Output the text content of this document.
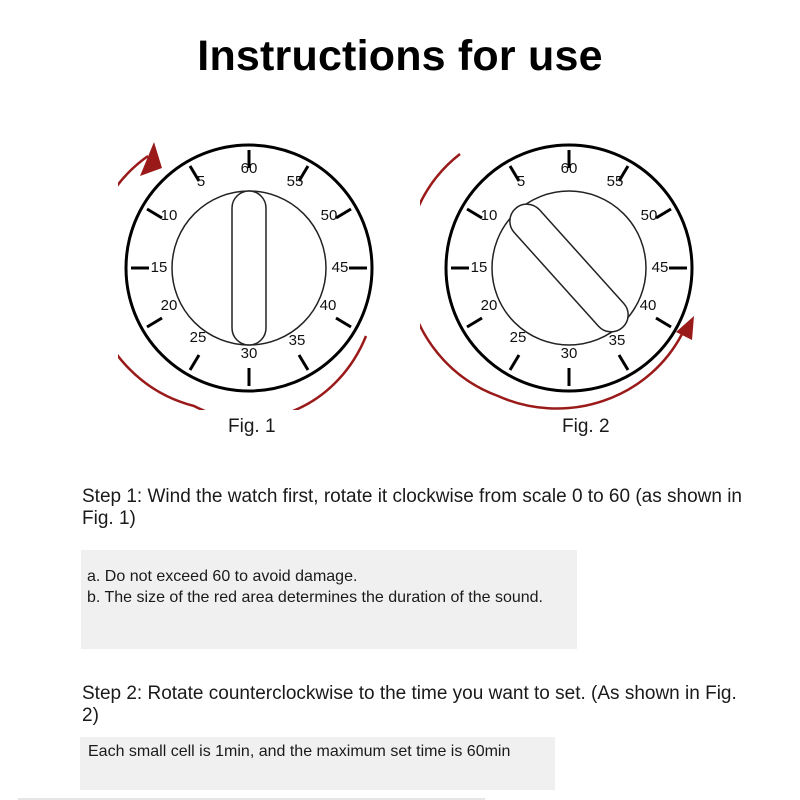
Instructions for use
60
55
50
45
40
35
30
25
20
15
10
5
Fig. 1
60
55
50
45
40
35
30
25
10
15
20
5
Fig. 2
Step 1: Wind the watch first, rotate it clockwise from scale 0 to 60 (as shown in Fig. 1)
a. Do not exceed 60 to avoid damage.
b. The size of the red area determines the duration of the sound.
Step 2: Rotate counterclockwise to the time you want to set. (As shown in Fig. 2)
Each small cell is 1min, and the maximum set time is 60min
